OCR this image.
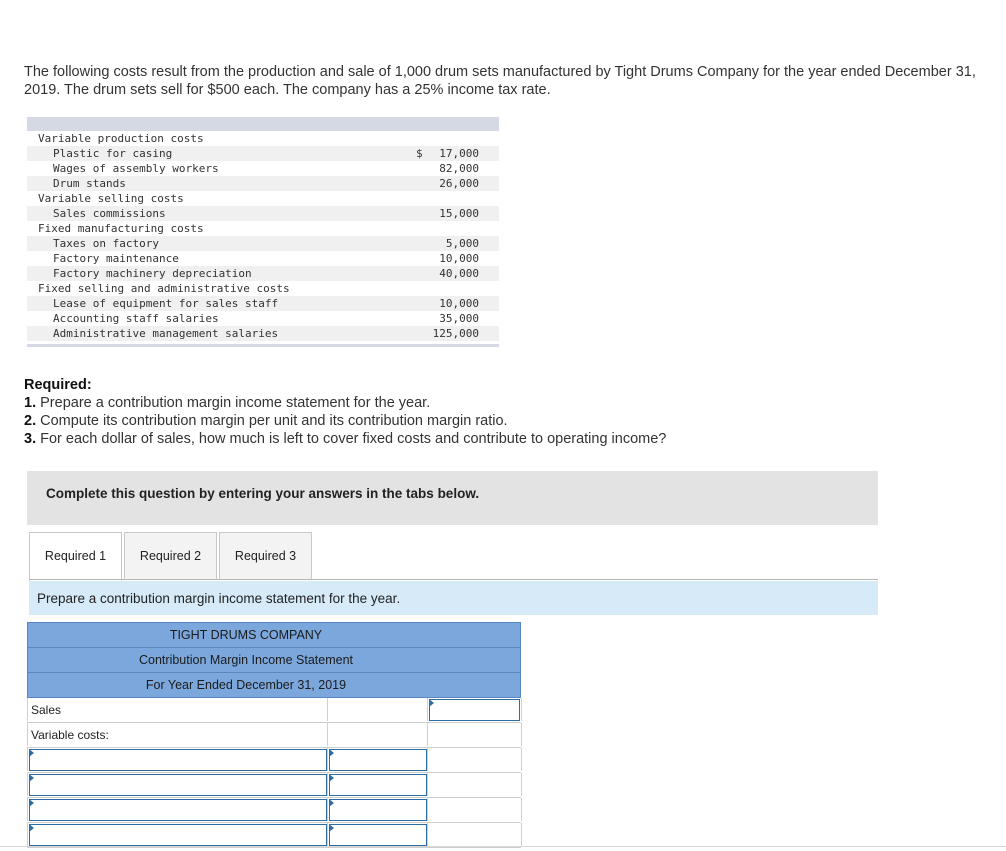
The following costs result from the production and sale of 1,000 drum sets manufactured by Tight Drums Company for the year ended December 31, 2019. The drum sets sell for $500 each. The company has a 25% income tax rate.
Variable production costs
Plastic for casing	$ 17,000
Wages of assembly workers	82,000
Drum stands	26,000
Variable selling costs
Sales commissions	15,000
Fixed manufacturing costs
Taxes on factory	5,000
Factory maintenance	10,000
Factory machinery depreciation	40,000
Fixed selling and administrative costs
Lease of equipment for sales staff	10,000
Accounting staff salaries	35,000
Administrative management salaries	125,000
Required:
1. Prepare a contribution margin income statement for the year.
2. Compute its contribution margin per unit and its contribution margin ratio.
3. For each dollar of sales, how much is left to cover fixed costs and contribute to operating income?
Complete this question by entering your answers in the tabs below.
Required 1	Required 2	Required 3
Prepare a contribution margin income statement for the year.
TIGHT DRUMS COMPANY
Contribution Margin Income Statement
For Year Ended December 31, 2019
Sales
Variable costs:
